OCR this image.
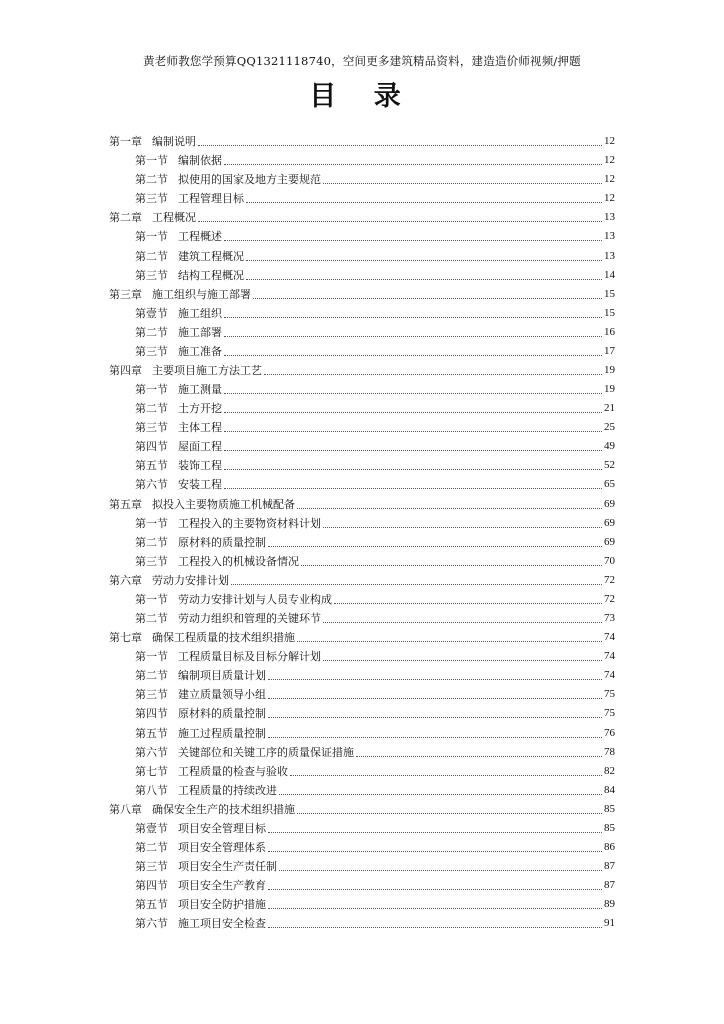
黄老师教您学预算QQ1321118740，空间更多建筑精品资料，建造造价师视频/押题
目 录
第一章 编制说明	12
第一节 编制依据	12
第二节 拟使用的国家及地方主要规范	12
第三节 工程管理目标	12
第二章 工程概况	13
第一节 工程概述	13
第二节 建筑工程概况	13
第三节 结构工程概况	14
第三章 施工组织与施工部署	15
第壹节 施工组织	15
第二节 施工部署	16
第三节 施工准备	17
第四章 主要项目施工方法工艺	19
第一节 施工测量	19
第二节 土方开挖	21
第三节 主体工程	25
第四节 屋面工程	49
第五节 装饰工程	52
第六节 安装工程	65
第五章 拟投入主要物质施工机械配备	69
第一节 工程投入的主要物资材料计划	69
第二节 原材料的质量控制	69
第三节 工程投入的机械设备情况	70
第六章 劳动力安排计划	72
第一节 劳动力安排计划与人员专业构成	72
第二节 劳动力组织和管理的关键环节	73
第七章 确保工程质量的技术组织措施	74
第一节 工程质量目标及目标分解计划	74
第二节 编制项目质量计划	74
第三节 建立质量领导小组	75
第四节 原材料的质量控制	75
第五节 施工过程质量控制	76
第六节 关键部位和关键工序的质量保证措施	78
第七节 工程质量的检查与验收	82
第八节 工程质量的持续改进	84
第八章 确保安全生产的技术组织措施	85
第壹节 项目安全管理目标	85
第二节 项目安全管理体系	86
第三节 项目安全生产责任制	87
第四节 项目安全生产教育	87
第五节 项目安全防护措施	89
第六节 施工项目安全检查	91
